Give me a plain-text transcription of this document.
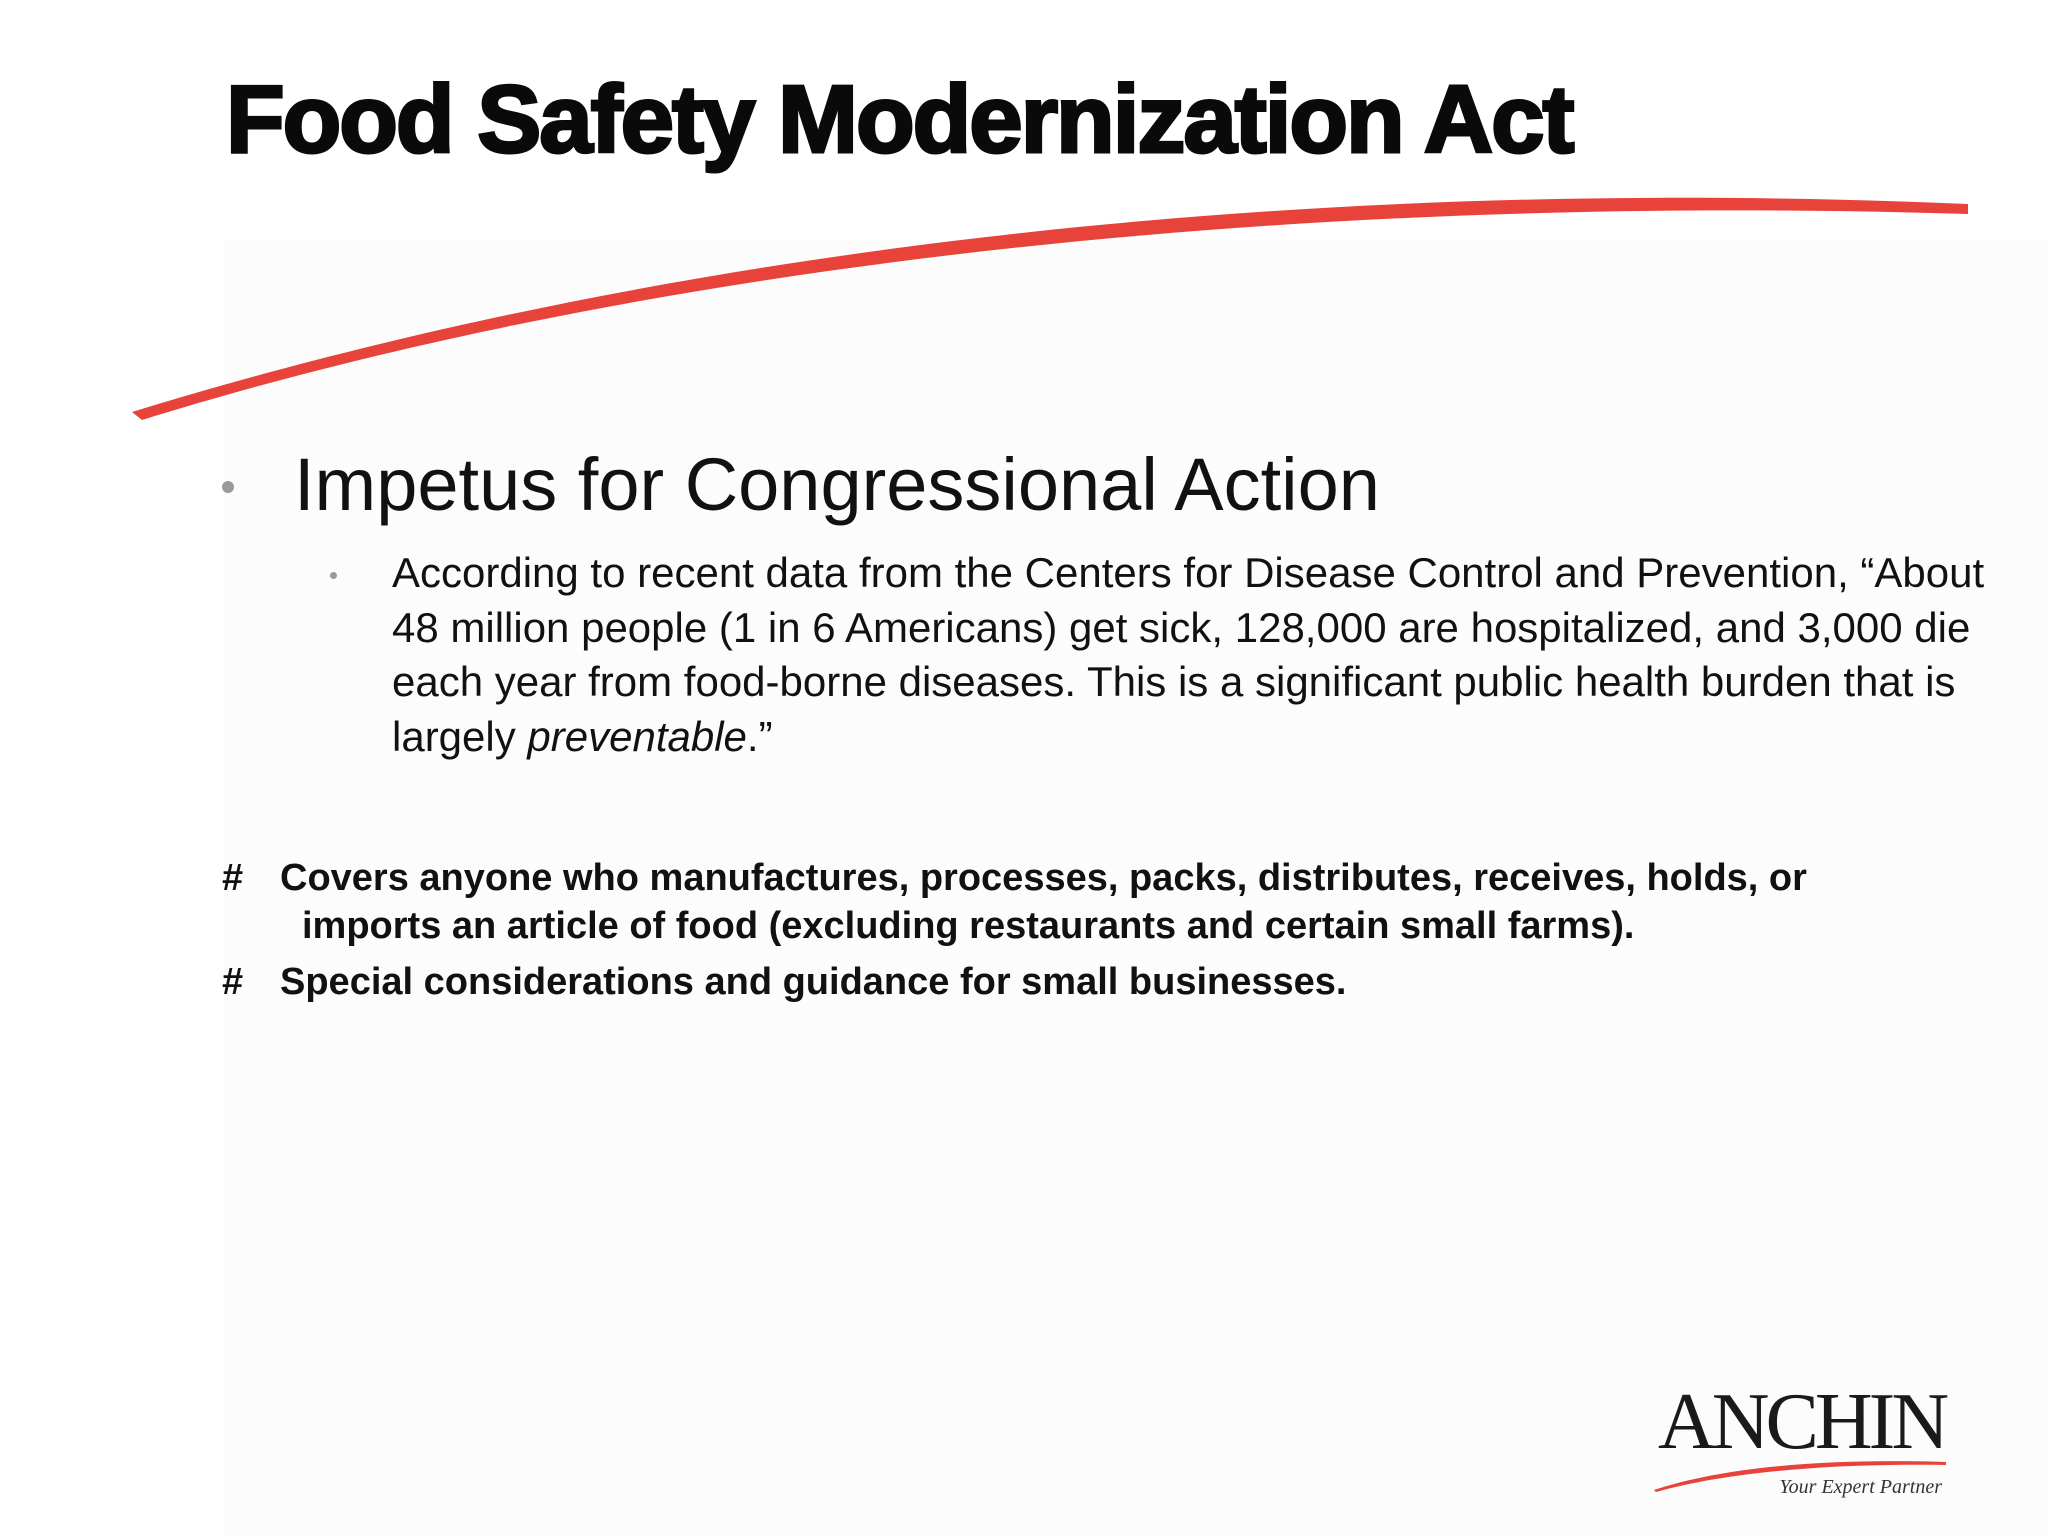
Food Safety Modernization Act
Impetus for Congressional Action
According to recent data from the Centers for Disease Control and Prevention, “About 48 million people (1 in 6 Americans) get sick, 128,000 are hospitalized, and 3,000 die each year from food-borne diseases. This is a significant public health burden that is largely preventable.”
# Covers anyone who manufactures, processes, packs, distributes, receives, holds, or
imports an article of food (excluding restaurants and certain small farms).
# Special considerations and guidance for small businesses.
ANCHIN
Your Expert Partner
